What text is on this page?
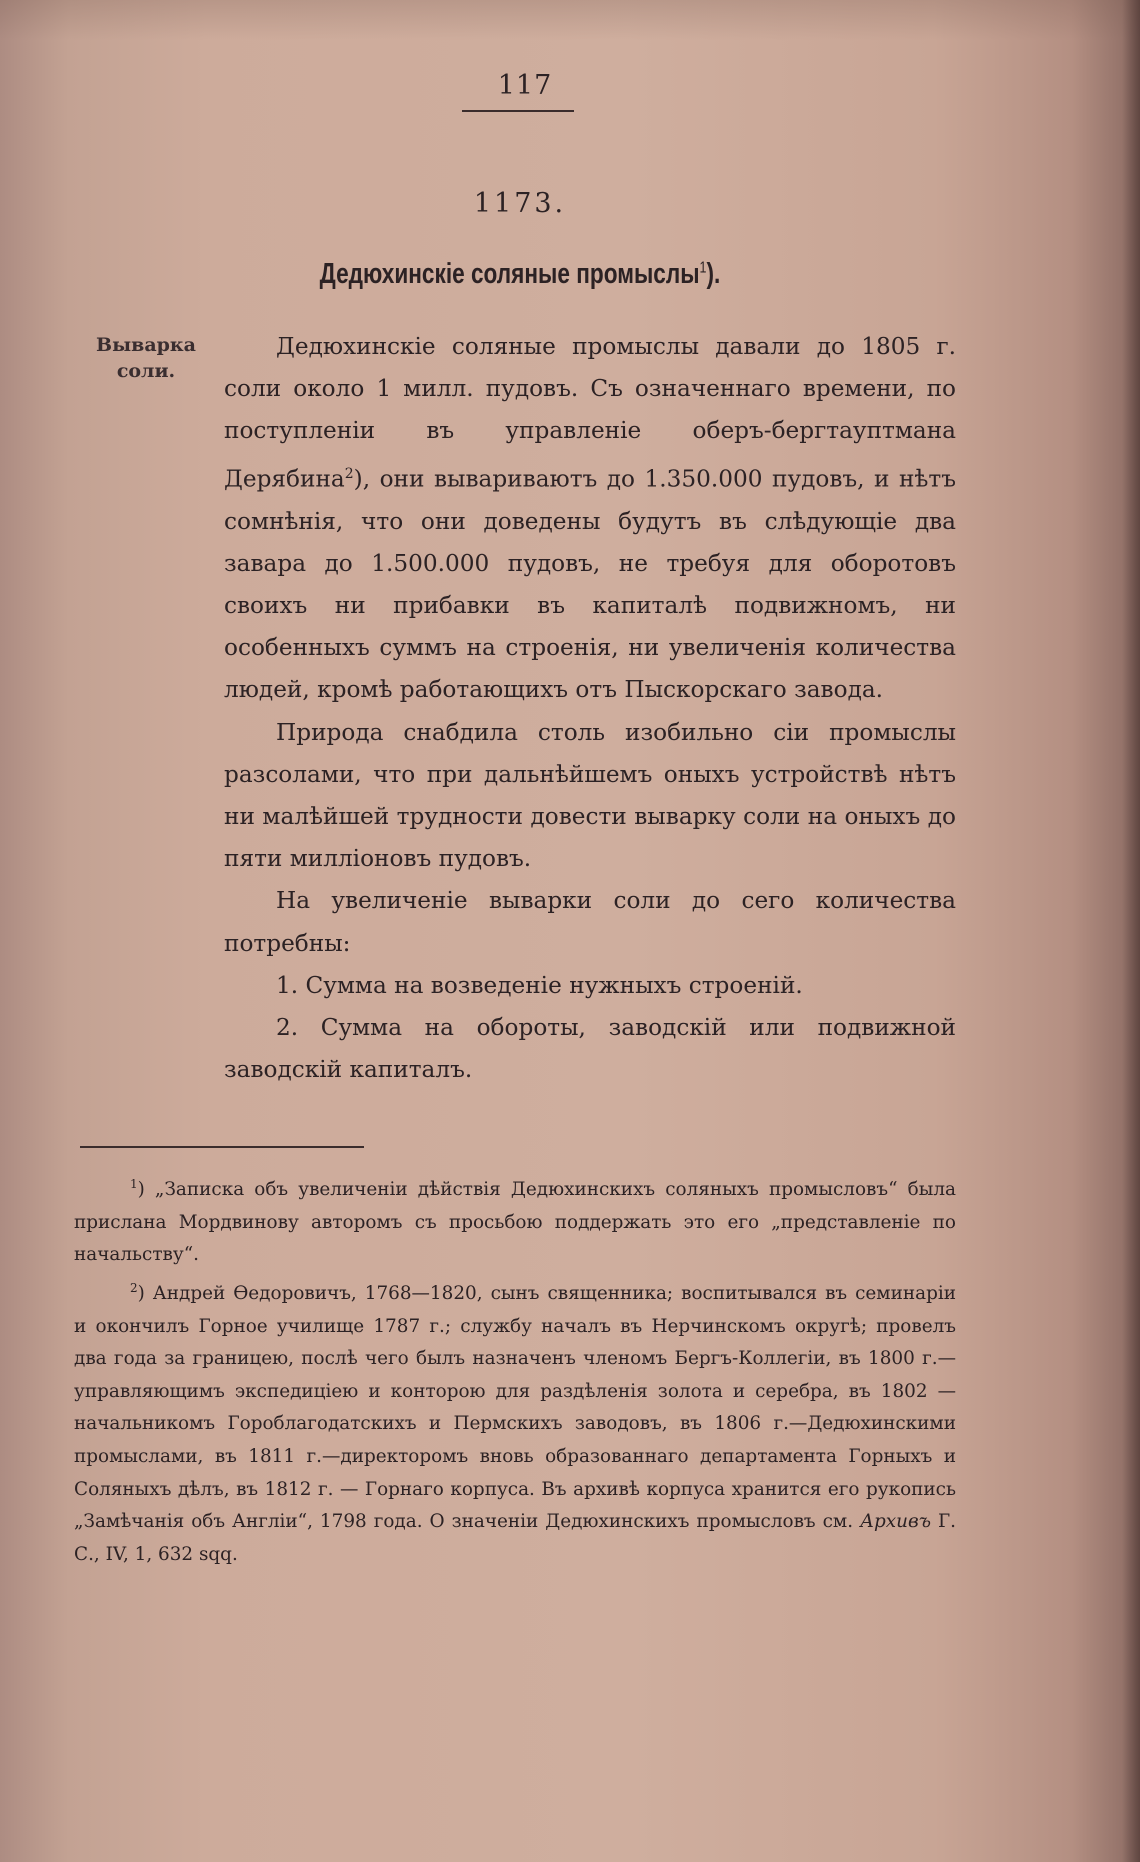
117
1173.
Дедюхинскіе соляные промыслы$^1$).
Выварка
соли.

Дедюхинскіе соляные промыслы давали до 1805 г. соли около 1 милл. пудовъ. Съ означеннаго времени, по поступленіи въ управленіе оберъ-бергтауптмана Дерябина$^2$), они вывариваютъ до 1.350.000 пудовъ, и нѣтъ сомнѣнія, что они доведены будутъ въ слѣдующіе два завара до 1.500.000 пудовъ, не требуя для оборотовъ своихъ ни прибавки въ капиталѣ подвижномъ, ни особенныхъ суммъ на строенія, ни увеличенія количества людей, кромѣ работающихъ отъ Пыскорскаго завода.

Природа снабдила столь изобильно сіи промыслы разсолами, что при дальнѣйшемъ оныхъ устройствѣ нѣтъ ни малѣйшей трудности довести выварку соли на оныхъ до пяти милліоновъ пудовъ.

На увеличеніе выварки соли до сего количества потребны:

1. Сумма на возведеніе нужныхъ строеній.

2. Сумма на обороты, заводскій или подвижной заводскій капиталъ.

$^1$) „Записка объ увеличеніи дѣйствія Дедюхинскихъ соляныхъ промысловъ“ была прислана Мордвинову авторомъ съ просьбою поддержать это его „представленіе по начальству“.

$^2$) Андрей Ѳедоровичъ, 1768—1820, сынъ священника; воспитывался въ семинаріи и окончилъ Горное училище 1787 г.; службу началъ въ Нерчинскомъ округѣ; провелъ два года за границею, послѣ чего былъ назначенъ членомъ Бергъ-Коллегіи, въ 1800 г.—управляющимъ экспедиціею и конторою для раздѣленія золота и серебра, въ 1802 — начальникомъ Гороблагодатскихъ и Пермскихъ заводовъ, въ 1806 г.—Дедюхинскими промыслами, въ 1811 г.—директоромъ вновь образованнаго департамента Горныхъ и Соляныхъ дѣлъ, въ 1812 г. — Горнаго корпуса. Въ архивѣ корпуса хранится его рукопись „Замѣчанія объ Англіи“, 1798 года. О значеніи Дедюхинскихъ промысловъ см. Архивъ Г. С., IV, 1, 632 sqq.
